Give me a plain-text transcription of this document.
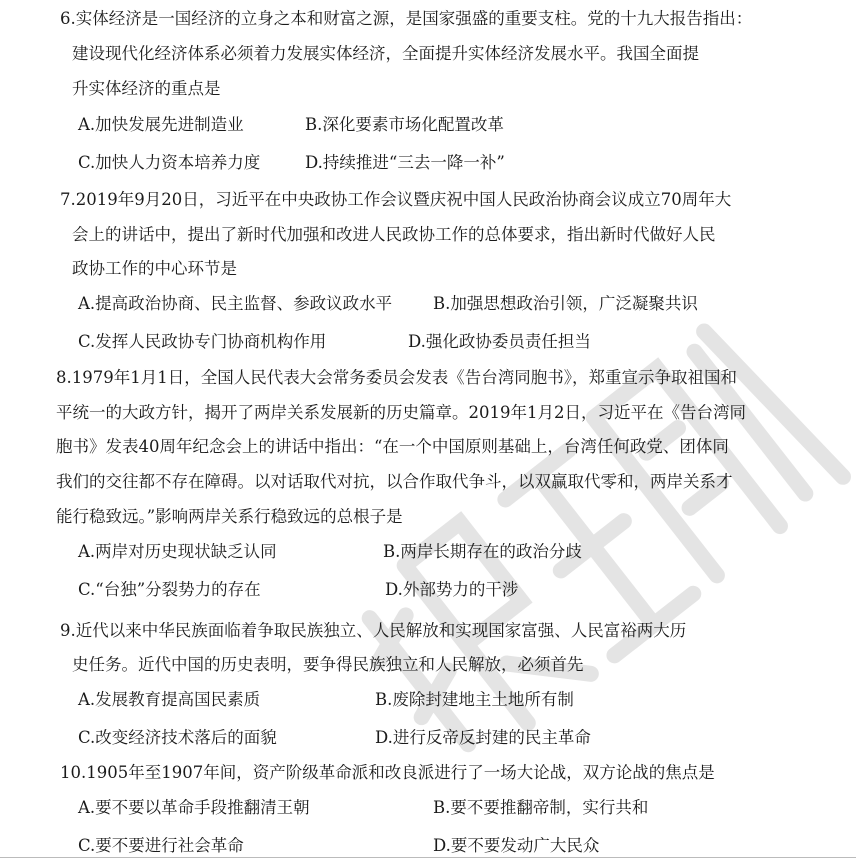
6.实体经济是一国经济的立身之本和财富之源，是国家强盛的重要支柱。党的十九大报告指出：
建设现代化经济体系必须着力发展实体经济，全面提升实体经济发展水平。我国全面提
升实体经济的重点是
A.加快发展先进制造业	B.深化要素市场化配置改革
C.加快人力资本培养力度	D.持续推进“三去一降一补”
7.2019年9月20日，习近平在中央政协工作会议暨庆祝中国人民政治协商会议成立70周年大
会上的讲话中，提出了新时代加强和改进人民政协工作的总体要求，指出新时代做好人民
政协工作的中心环节是
A.提高政治协商、民主监督、参政议政水平 B.加强思想政治引领，广泛凝聚共识
C.发挥人民政协专门协商机构作用	D.强化政协委员责任担当
8.1979年1月1日，全国人民代表大会常务委员会发表《告台湾同胞书》，郑重宣示争取祖国和
平统一的大政方针，揭开了两岸关系发展新的历史篇章。2019年1月2日，习近平在《告台湾同
胞书》发表40周年纪念会上的讲话中指出：“在一个中国原则基础上，台湾任何政党、团体同
我们的交往都不存在障碍。以对话取代对抗，以合作取代争斗，以双赢取代零和，两岸关系才
能行稳致远。”影响两岸关系行稳致远的总根子是
A.两岸对历史现状缺乏认同	B.两岸长期存在的政治分歧
C.“台独”分裂势力的存在	D.外部势力的干涉
9.近代以来中华民族面临着争取民族独立、人民解放和实现国家富强、人民富裕两大历
史任务。近代中国的历史表明，要争得民族独立和人民解放，必须首先
A.发展教育提高国民素质	B.废除封建地主土地所有制
C.改变经济技术落后的面貌	D.进行反帝反封建的民主革命
10.1905年至1907年间，资产阶级革命派和改良派进行了一场大论战，双方论战的焦点是
A.要不要以革命手段推翻清王朝	B.要不要推翻帝制，实行共和
C.要不要进行社会革命	D.要不要发动广大民众
